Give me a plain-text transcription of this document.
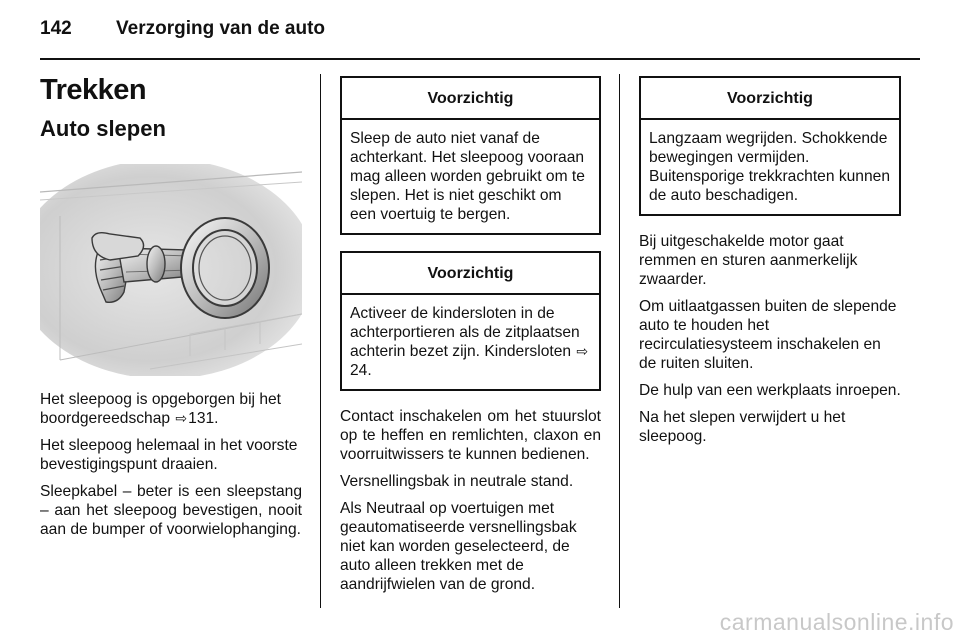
142 Verzorging van de auto
Trekken
Auto slepen

Het sleepoog is opgeborgen bij het boordgereedschap ⇨131.

Het sleepoog helemaal in het voorste bevestigingspunt draaien.

Sleepkabel – beter is een sleepstang – aan het sleepoog bevestigen, nooit aan de bumper of voorwielophanging.

Voorzichtig
Sleep de auto niet vanaf de achterkant. Het sleepoog vooraan mag alleen worden gebruikt om te slepen. Het is niet geschikt om een voertuig te bergen.
Voorzichtig
Activeer de kindersloten in de achterportieren als de zitplaatsen achterin bezet zijn. Kindersloten ⇨24.

Contact inschakelen om het stuurslot op te heffen en remlichten, claxon en voorruitwissers te kunnen bedienen.

Versnellingsbak in neutrale stand.

Als Neutraal op voertuigen met geautomatiseerde versnellingsbak niet kan worden geselecteerd, de auto alleen trekken met de aandrijfwielen van de grond.

Voorzichtig
Langzaam wegrijden. Schokkende bewegingen vermijden. Buitensporige trekkrachten kunnen de auto beschadigen.

Bij uitgeschakelde motor gaat remmen en sturen aanmerkelijk zwaarder.

Om uitlaatgassen buiten de slepende auto te houden het recirculatiesysteem inschakelen en de ruiten sluiten.

De hulp van een werkplaats inroepen.

Na het slepen verwijdert u het sleepoog.

carmanualsonline.info
